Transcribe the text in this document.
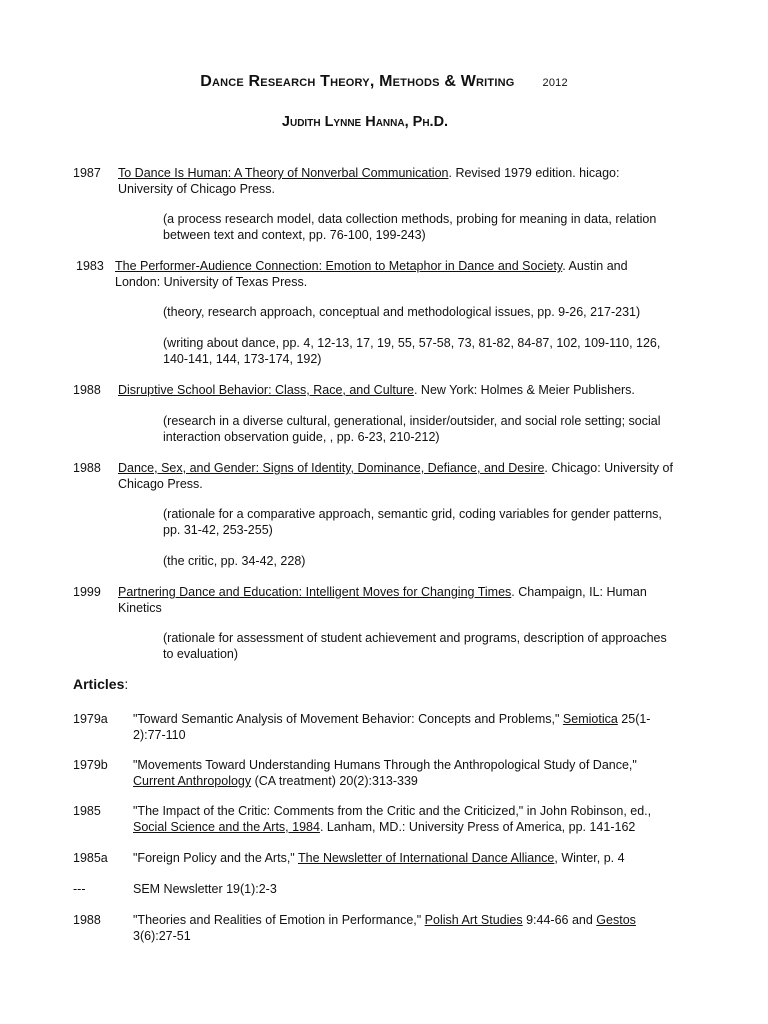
Dance Research Theory, Methods & Writing	2012
Judith Lynne Hanna, Ph.D.
1987	To Dance Is Human: A Theory of Nonverbal Communication. Revised 1979 edition. hicago: University of Chicago Press.
(a process research model, data collection methods, probing for meaning in data, relation between text and context, pp. 76-100, 199-243)
1983 The Performer-Audience Connection: Emotion to Metaphor in Dance and Society. Austin and London: University of Texas Press.
(theory, research approach, conceptual and methodological issues, pp. 9-26, 217-231)
(writing about dance, pp. 4, 12-13, 17, 19, 55, 57-58, 73, 81-82, 84-87, 102, 109-110, 126, 140-141, 144, 173-174, 192)
1988	Disruptive School Behavior: Class, Race, and Culture. New York: Holmes & Meier Publishers.
(research in a diverse cultural, generational, insider/outsider, and social role setting; social interaction observation guide, , pp. 6-23, 210-212)
1988	Dance, Sex, and Gender: Signs of Identity, Dominance, Defiance, and Desire. Chicago: University of Chicago Press.
(rationale for a comparative approach, semantic grid, coding variables for gender patterns, pp. 31-42, 253-255)
(the critic, pp. 34-42, 228)
1999	Partnering Dance and Education: Intelligent Moves for Changing Times. Champaign, IL: Human Kinetics
(rationale for assessment of student achievement and programs, description of approaches to evaluation)
Articles:
1979a	"Toward Semantic Analysis of Movement Behavior: Concepts and Problems," Semiotica 25(1-2):77-110
1979b	"Movements Toward Understanding Humans Through the Anthropological Study of Dance," Current Anthropology (CA treatment) 20(2):313-339
1985	"The Impact of the Critic: Comments from the Critic and the Criticized," in John Robinson, ed., Social Science and the Arts, 1984. Lanham, MD.: University Press of America, pp. 141-162
1985a	"Foreign Policy and the Arts," The Newsletter of International Dance Alliance, Winter, p. 4
---	SEM Newsletter 19(1):2-3
1988	"Theories and Realities of Emotion in Performance," Polish Art Studies 9:44-66 and Gestos 3(6):27-51
